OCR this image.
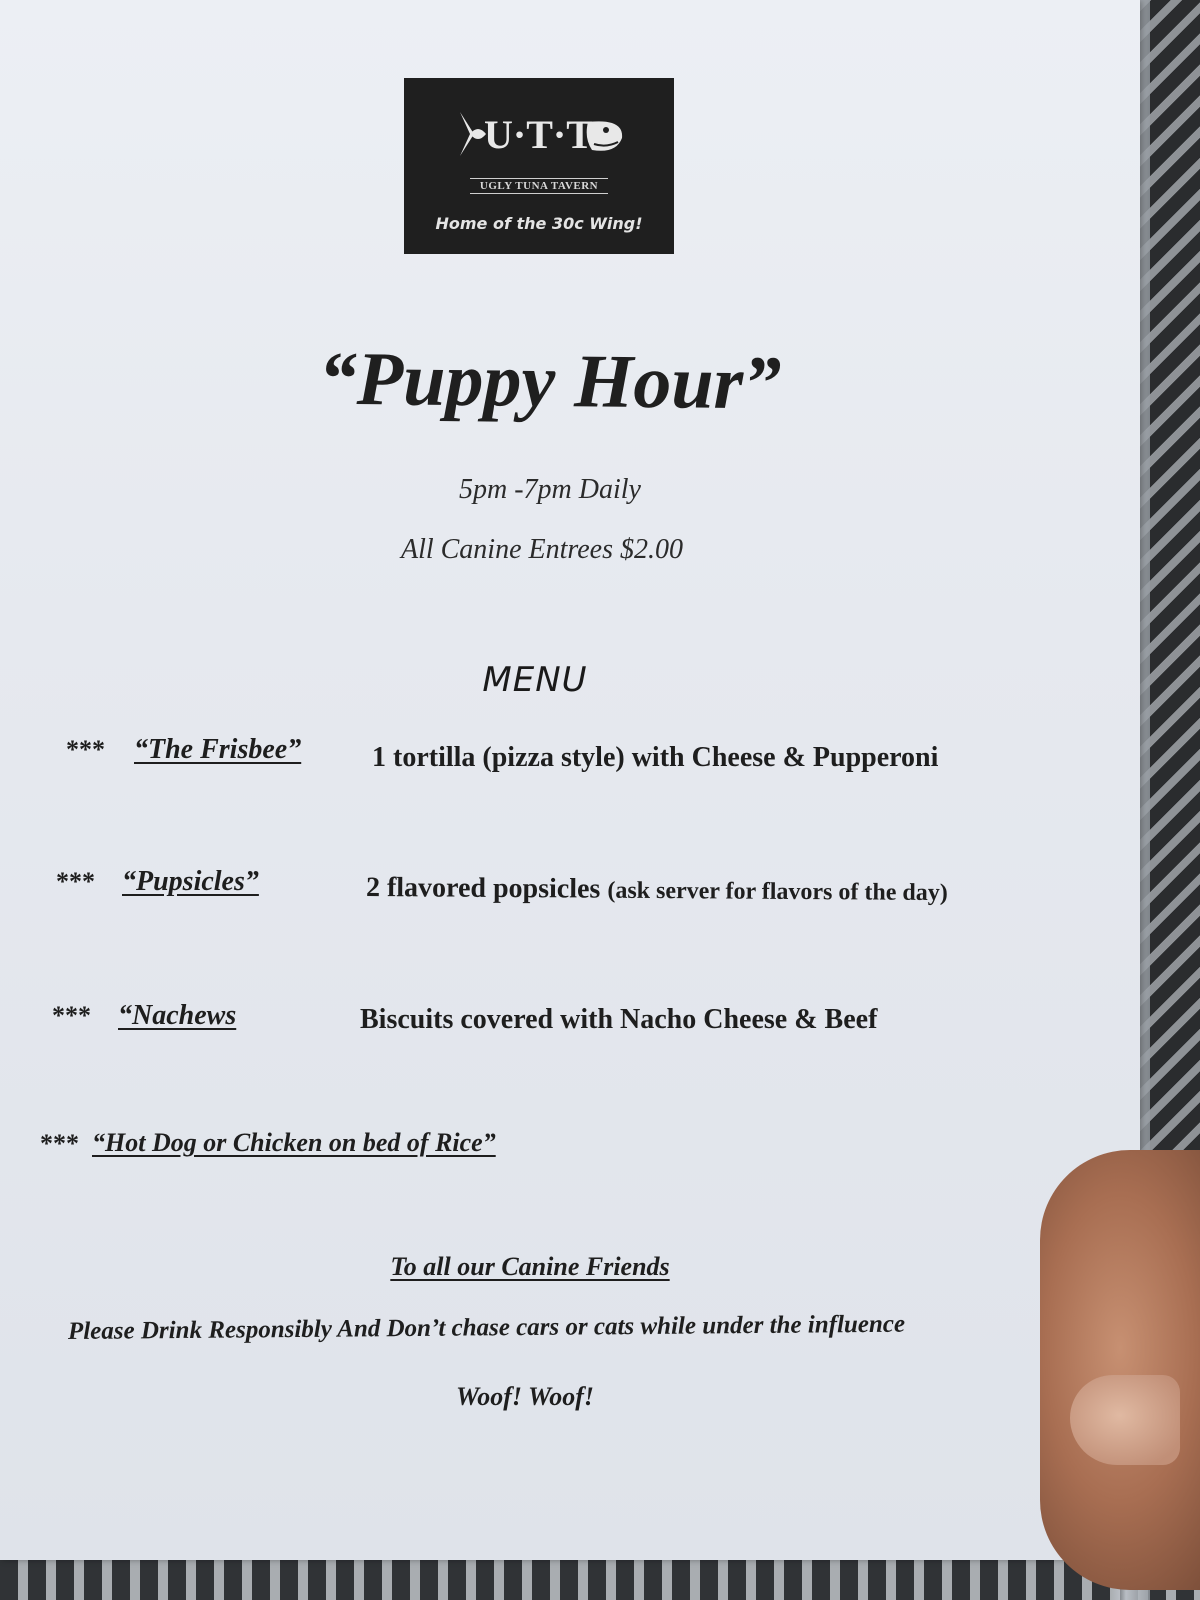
U·T·T
UGLY TUNA TAVERN
Home of the 30c Wing!
“Puppy Hour”
5pm -7pm Daily
All Canine Entrees $2.00
MENU
*** “The Frisbee”	1 tortilla (pizza style) with Cheese & Pupperoni
*** “Pupsicles”	2 flavored popsicles (ask server for flavors of the day)
*** “Nachews	Biscuits covered with Nacho Cheese & Beef
*** “Hot Dog or Chicken on bed of Rice”
To all our Canine Friends
Please Drink Responsibly And Don’t chase cars or cats while under the influence
Woof! Woof!
